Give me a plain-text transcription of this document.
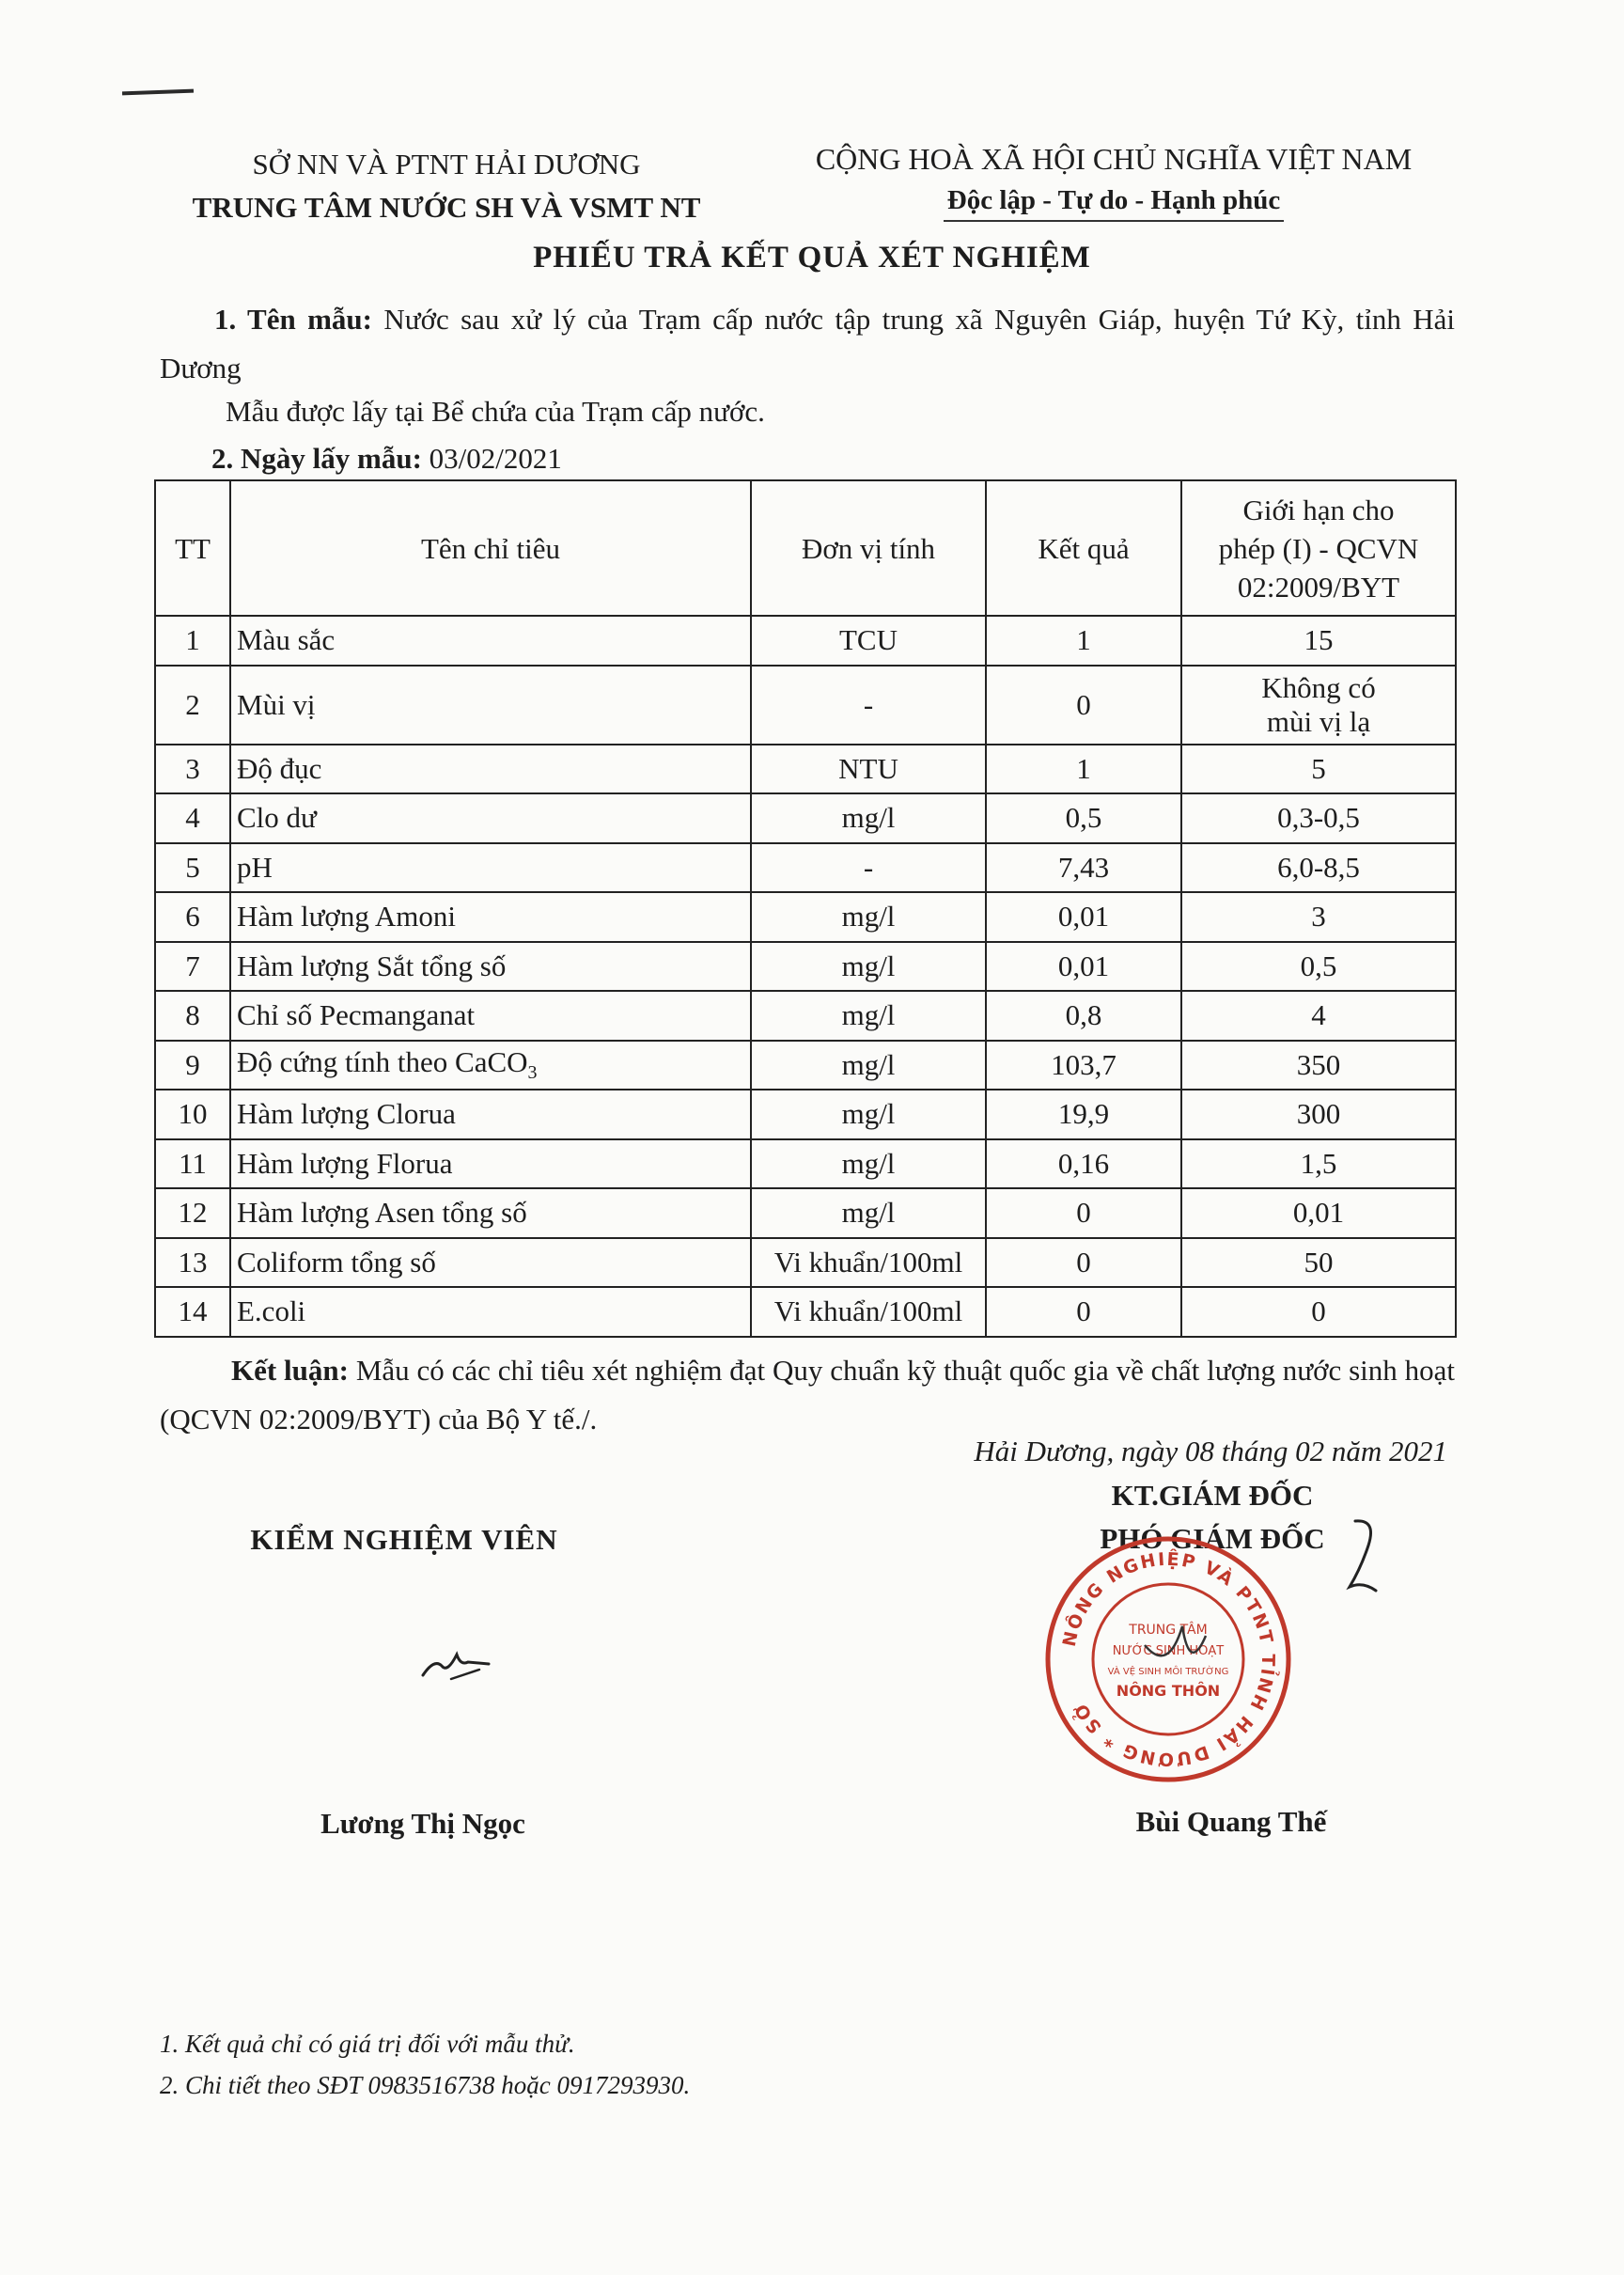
SỞ NN VÀ PTNT HẢI DƯƠNG
TRUNG TÂM NƯỚC SH VÀ VSMT NT
CỘNG HOÀ XÃ HỘI CHỦ NGHĨA VIỆT NAM
Độc lập - Tự do - Hạnh phúc
PHIẾU TRẢ KẾT QUẢ XÉT NGHIỆM
1. Tên mẫu: Nước sau xử lý của Trạm cấp nước tập trung xã Nguyên Giáp, huyện Tứ Kỳ, tỉnh Hải Dương
Mẫu được lấy tại Bể chứa của Trạm cấp nước.
2. Ngày lấy mẫu: 03/02/2021
TT	Tên chỉ tiêu	Đơn vị tính	Kết quả	Giới hạn cho
phép (I) - QCVN
02:2009/BYT

1	Màu sắc	TCU	1	15
2	Mùi vị	-	0	Không có
mùi vị lạ

3	Độ đục	NTU	1	5
4	Clo dư	mg/l	0,5	0,3-0,5
5	pH	-	7,43	6,0-8,5
6	Hàm lượng Amoni	mg/l	0,01	3
7	Hàm lượng Sắt tổng số	mg/l	0,01	0,5
8	Chỉ số Pecmanganat	mg/l	0,8	4
9	Độ cứng tính theo CaCO$_3$	mg/l	103,7	350
10	Hàm lượng Clorua	mg/l	19,9	300
11	Hàm lượng Florua	mg/l	0,16	1,5
12	Hàm lượng Asen tổng số	mg/l	0	0,01
13	Coliform tổng số	Vi khuẩn/100ml	0	50
14	E.coli	Vi khuẩn/100ml	0	0
Kết luận: Mẫu có các chỉ tiêu xét nghiệm đạt Quy chuẩn kỹ thuật quốc gia về chất lượng nước sinh hoạt (QCVN 02:2009/BYT) của Bộ Y tế./.
Hải Dương, ngày 08 tháng 02 năm 2021
KT.GIÁM ĐỐC
PHÓ GIÁM ĐỐC
KIỂM NGHIỆM VIÊN
NÔNG NGHIỆP VÀ PTNT TỈNH HẢI DƯƠNG * SỞ
TRUNG TÂM
NƯỚC SINH HOẠT
VÀ VỆ SINH MÔI TRƯỜNG
NÔNG THÔN
Lương Thị Ngọc	Bùi Quang Thế
1. Kết quả chỉ có giá trị đối với mẫu thử.
2. Chi tiết theo SĐT 0983516738 hoặc 0917293930.
